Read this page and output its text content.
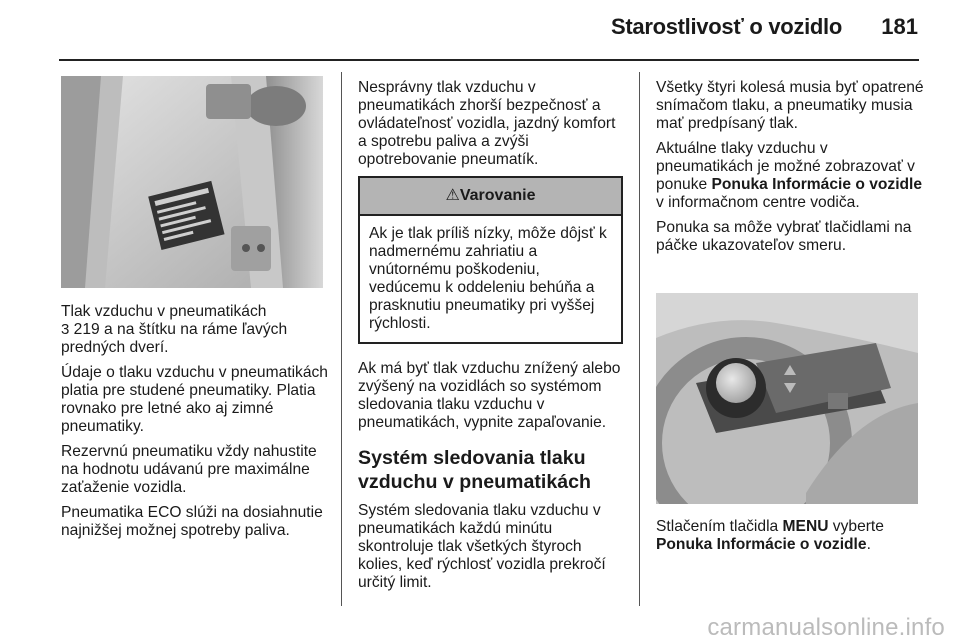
Starostlivosť o vozidlo 181

Tlak vzduchu v pneumatikách
3 219 a na štítku na ráme ľavých
predných dverí.

Údaje o tlaku vzduchu v pneumatikách platia pre studené pneumatiky. Platia rovnako pre letné ako aj zimné pneumatiky.

Rezervnú pneumatiku vždy nahustite na hodnotu udávanú pre maximálne zaťaženie vozidla.

Pneumatika ECO slúži na dosiahnutie najnižšej možnej spotreby paliva.

Nesprávny tlak vzduchu v pneumatikách zhorší bezpečnosť a ovládateľnosť vozidla, jazdný komfort a spotrebu paliva a zvýši opotrebovanie pneumatík.

⚠Varovanie
Ak je tlak príliš nízky, môže dôjsť k nadmernému zahriatiu a vnútornému poškodeniu, vedúcemu k oddeleniu behúňa a prasknutiu pneumatiky pri vyššej rýchlosti.

Ak má byť tlak vzduchu znížený alebo zvýšený na vozidlách so systémom sledovania tlaku vzduchu v pneumatikách, vypnite zapaľovanie.

Systém sledovania tlaku vzduchu v pneumatikách

Systém sledovania tlaku vzduchu v pneumatikách každú minútu skontroluje tlak všetkých štyroch kolies, keď rýchlosť vozidla prekročí určitý limit.

Všetky štyri kolesá musia byť opatrené snímačom tlaku, a pneumatiky musia mať predpísaný tlak.

Aktuálne tlaky vzduchu v pneumatikách je možné zobrazovať v ponuke Ponuka Informácie o vozidle v informačnom centre vodiča.

Ponuka sa môže vybrať tlačidlami na páčke ukazovateľov smeru.

Stlačením tlačidla MENU vyberte
Ponuka Informácie o vozidle.

carmanualsonline.info
